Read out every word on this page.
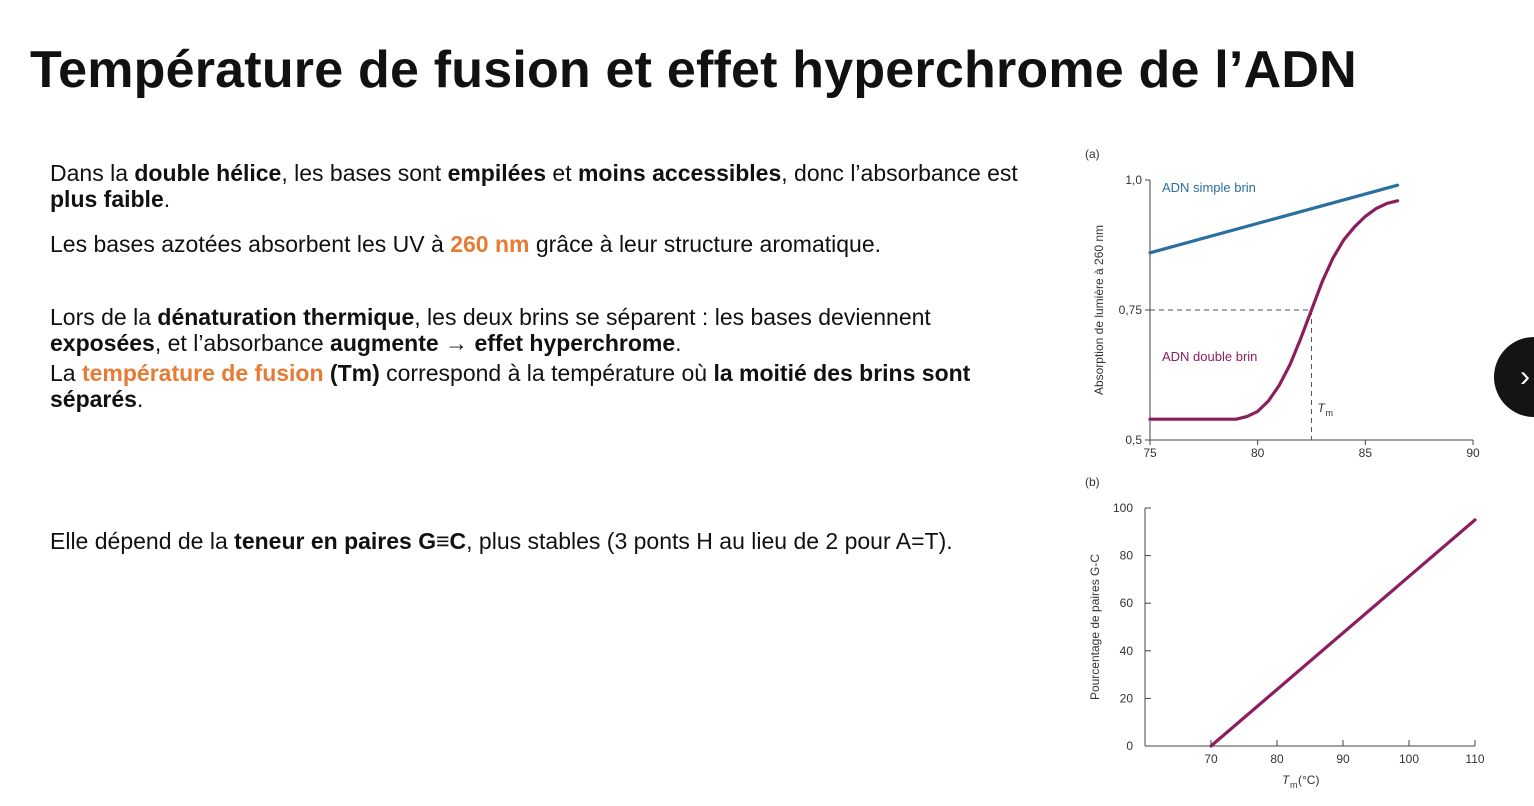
Température de fusion et effet hyperchrome de l’ADN

Dans la double hélice, les bases sont empilées et moins accessibles, donc l’absorbance est plus faible.

Les bases azotées absorbent les UV à 260 nm grâce à leur structure aromatique.

Lors de la dénaturation thermique, les deux brins se séparent : les bases deviennent exposées, et l’absorbance augmente → effet hyperchrome.

La température de fusion (Tm) correspond à la température où la moitié des brins sont séparés.

Elle dépend de la teneur en paires G≡C, plus stables (3 ponts H au lieu de 2 pour A=T).

(a)
0,5
0,75
1,0
75	80	85	90
Absorption de lumière à 260 nm
ADN simple brin
ADN double brin
T m
(b)
0
20
40
60
80
100
70	80	90	100	110
Pourcentage de paires G-C
T m (°C)
›
